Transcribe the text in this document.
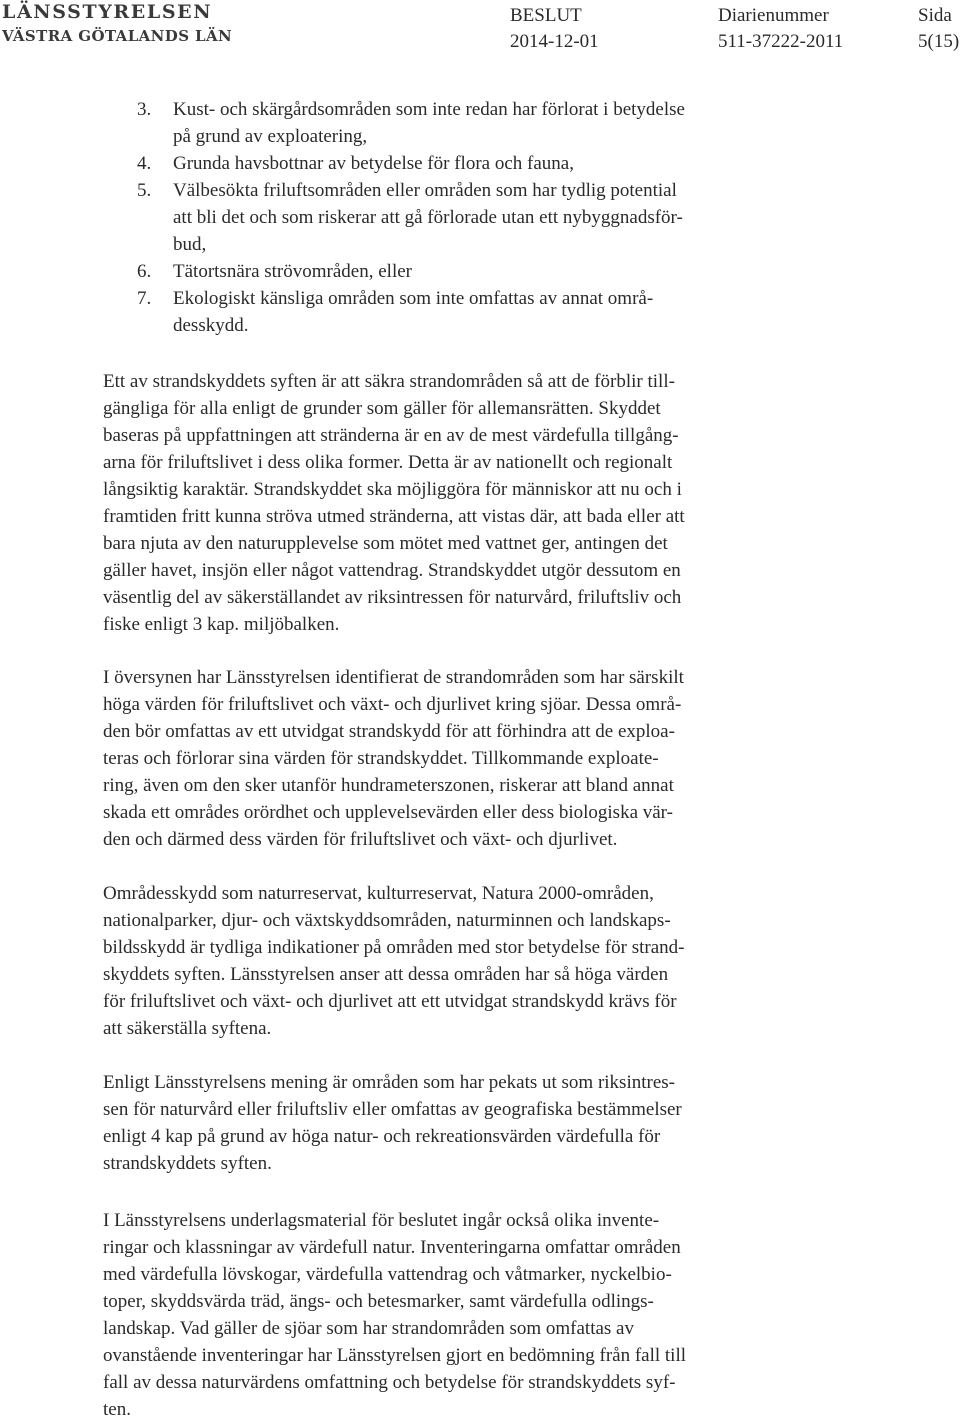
LÄNSSTYRELSEN
VÄSTRA GÖTALANDS LÄN
BESLUT
2014-12-01
Diarienummer
511-37222-2011
Sida
5(15)
3. Kust- och skärgårdsområden som inte redan har förlorat i betydelse
på grund av exploatering,
4. Grunda havsbottnar av betydelse för flora och fauna,
5. Välbesökta friluftsområden eller områden som har tydlig potential
att bli det och som riskerar att gå förlorade utan ett nybyggnadsför-
bud,
6. Tätortsnära strövområden, eller
7. Ekologiskt känsliga områden som inte omfattas av annat områ-
desskydd.

Ett av strandskyddets syften är att säkra strandområden så att de förblir till-
gängliga för alla enligt de grunder som gäller för allemansrätten. Skyddet
baseras på uppfattningen att stränderna är en av de mest värdefulla tillgång-
arna för friluftslivet i dess olika former. Detta är av nationellt och regionalt
långsiktig karaktär. Strandskyddet ska möjliggöra för människor att nu och i
framtiden fritt kunna ströva utmed stränderna, att vistas där, att bada eller att
bara njuta av den naturupplevelse som mötet med vattnet ger, antingen det
gäller havet, insjön eller något vattendrag. Strandskyddet utgör dessutom en
väsentlig del av säkerställandet av riksintressen för naturvård, friluftsliv och
fiske enligt 3 kap. miljöbalken.

I översynen har Länsstyrelsen identifierat de strandområden som har särskilt
höga värden för friluftslivet och växt- och djurlivet kring sjöar. Dessa områ-
den bör omfattas av ett utvidgat strandskydd för att förhindra att de exploa-
teras och förlorar sina värden för strandskyddet. Tillkommande exploate-
ring, även om den sker utanför hundrameterszonen, riskerar att bland annat
skada ett områdes orördhet och upplevelsevärden eller dess biologiska vär-
den och därmed dess värden för friluftslivet och växt- och djurlivet.

Områdesskydd som naturreservat, kulturreservat, Natura 2000-områden,
nationalparker, djur- och växtskyddsområden, naturminnen och landskaps-
bildsskydd är tydliga indikationer på områden med stor betydelse för strand-
skyddets syften. Länsstyrelsen anser att dessa områden har så höga värden
för friluftslivet och växt- och djurlivet att ett utvidgat strandskydd krävs för
att säkerställa syftena.

Enligt Länsstyrelsens mening är områden som har pekats ut som riksintres-
sen för naturvård eller friluftsliv eller omfattas av geografiska bestämmelser
enligt 4 kap på grund av höga natur- och rekreationsvärden värdefulla för
strandskyddets syften.

I Länsstyrelsens underlagsmaterial för beslutet ingår också olika invente-
ringar och klassningar av värdefull natur. Inventeringarna omfattar områden
med värdefulla lövskogar, värdefulla vattendrag och våtmarker, nyckelbio-
toper, skyddsvärda träd, ängs- och betesmarker, samt värdefulla odlings-
landskap. Vad gäller de sjöar som har strandområden som omfattas av
ovanstående inventeringar har Länsstyrelsen gjort en bedömning från fall till
fall av dessa naturvärdens omfattning och betydelse för strandskyddets syf-
ten.
